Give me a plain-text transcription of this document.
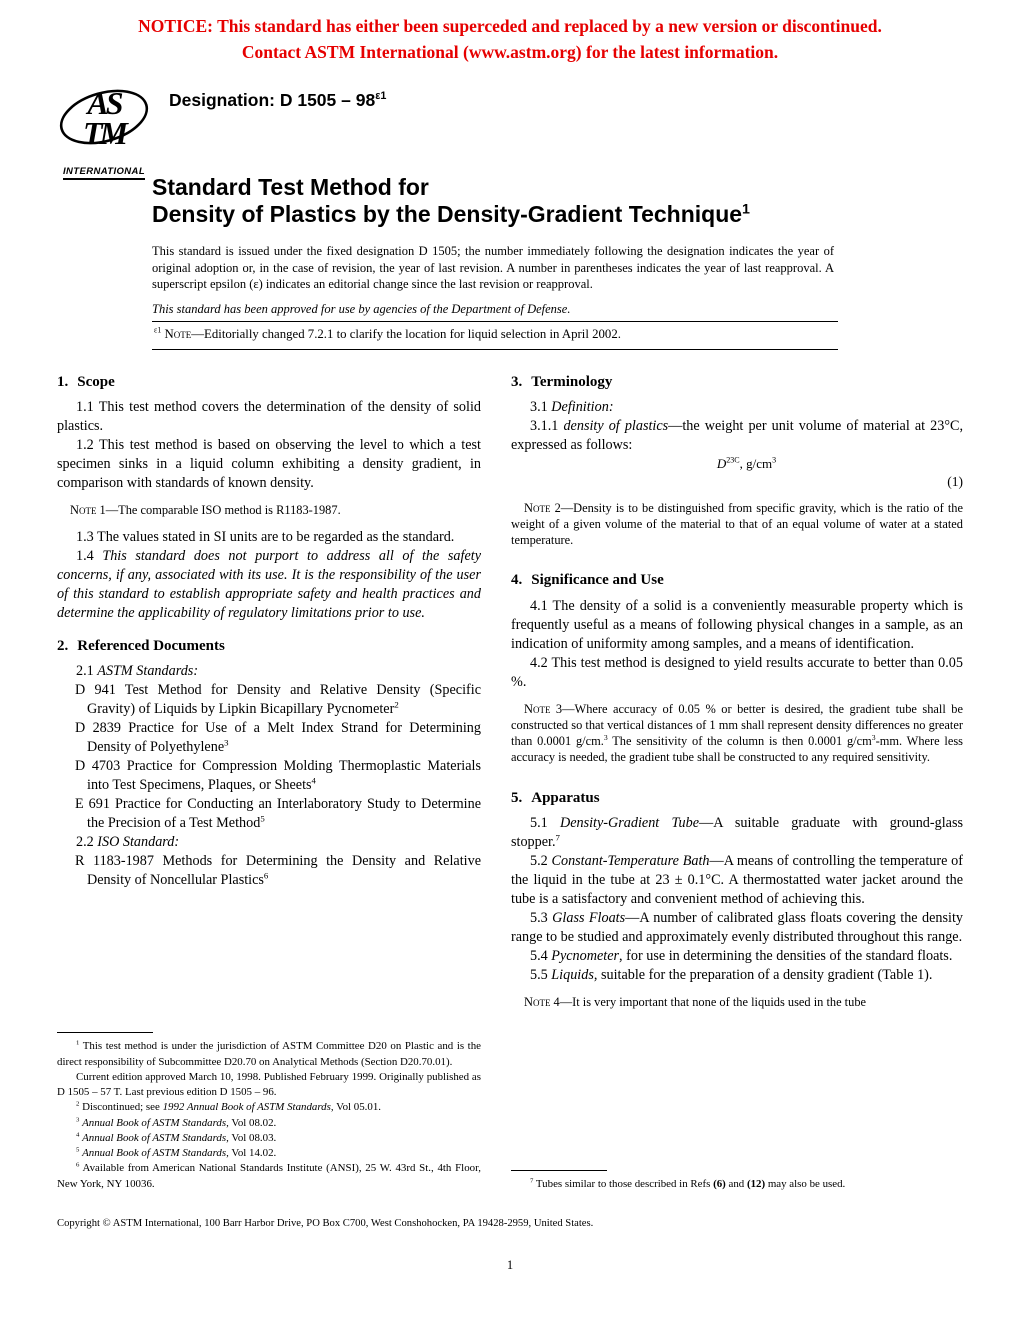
NOTICE: This standard has either been superceded and replaced by a new version or discontinued.
Contact ASTM International (www.astm.org) for the latest information.
AS
TM
INTERNATIONAL
Designation: D $1505 - 98^{\varepsilon 1}$
Standard Test Method for
Density of Plastics by the Density-Gradient Technique$^1$
This standard is issued under the fixed designation D 1505; the number immediately following the designation indicates the year of original adoption or, in the case of revision, the year of last revision. A number in parentheses indicates the year of last reapproval. A superscript epsilon (ε) indicates an editorial change since the last revision or reapproval.
This standard has been approved for use by agencies of the Department of Defense.
$^{\varepsilon 1}$ Note—Editorially changed 7.2.1 to clarify the location for liquid selection in April 2002.
1. Scope

1.1 This test method covers the determination of the density of solid plastics.

1.2 This test method is based on observing the level to which a test specimen sinks in a liquid column exhibiting a density gradient, in comparison with standards of known density.

Note 1—The comparable ISO method is R1183-1987.

1.3 The values stated in SI units are to be regarded as the standard.

1.4 This standard does not purport to address all of the safety concerns, if any, associated with its use. It is the responsibility of the user of this standard to establish appropriate safety and health practices and determine the applicability of regulatory limitations prior to use.

2. Referenced Documents

2.1 ASTM Standards:

D 941 Test Method for Density and Relative Density (Specific Gravity) of Liquids by Lipkin Bicapillary Pycnometer$^2$
D 2839 Practice for Use of a Melt Index Strand for Determining Density of Polyethylene$^3$
D 4703 Practice for Compression Molding Thermoplastic Materials into Test Specimens, Plaques, or Sheets$^4$
E 691 Practice for Conducting an Interlaboratory Study to Determine the Precision of a Test Method$^5$

2.2 ISO Standard:

R 1183-1987 Methods for Determining the Density and Relative Density of Noncellular Plastics$^6$

$^1$ This test method is under the jurisdiction of ASTM Committee D20 on Plastic and is the direct responsibility of Subcommittee D20.70 on Analytical Methods (Section D20.70.01).

Current edition approved March 10, 1998. Published February 1999. Originally published as D 1505 – 57 T. Last previous edition D 1505 – 96.

$^2$ Discontinued; see 1992 Annual Book of ASTM Standards, Vol 05.01.

$^3$ Annual Book of ASTM Standards, Vol 08.02.

$^4$ Annual Book of ASTM Standards, Vol 08.03.

$^5$ Annual Book of ASTM Standards, Vol 14.02.

$^6$ Available from American National Standards Institute (ANSI), 25 W. 43rd St., 4th Floor, New York, NY 10036.

3. Terminology

3.1 Definition:

3.1.1 density of plastics—the weight per unit volume of material at 23°C, expressed as follows:

$D^{23C}$, $g/cm^3$

(1)

Note 2—Density is to be distinguished from specific gravity, which is the ratio of the weight of a given volume of the material to that of an equal volume of water at a stated temperature.
4. Significance and Use

4.1 The density of a solid is a conveniently measurable property which is frequently useful as a means of following physical changes in a sample, as an indication of uniformity among samples, and a means of identification.

4.2 This test method is designed to yield results accurate to better than 0.05 %.

Note 3—Where accuracy of 0.05 % or better is desired, the gradient tube shall be constructed so that vertical distances of 1 mm shall represent density differences no greater than 0.0001 g/cm.$^3$ The sensitivity of the column is then 0.0001 $g/cm^3-mm$. Where less accuracy is needed, the gradient tube shall be constructed to any required sensitivity.
5. Apparatus

5.1 Density-Gradient Tube—A suitable graduate with ground-glass stopper.$^7$

5.2 Constant-Temperature Bath—A means of controlling the temperature of the liquid in the tube at 23 ± 0.1°C. A thermostatted water jacket around the tube is a satisfactory and convenient method of achieving this.

5.3 Glass Floats—A number of calibrated glass floats covering the density range to be studied and approximately evenly distributed throughout this range.

5.4 Pycnometer, for use in determining the densities of the standard floats.

5.5 Liquids, suitable for the preparation of a density gradient (Table 1).

Note 4—It is very important that none of the liquids used in the tube

$^7$ Tubes similar to those described in Refs (6) and (12) may also be used.

Copyright © ASTM International, 100 Barr Harbor Drive, PO Box C700, West Conshohocken, PA 19428-2959, United States.
1
